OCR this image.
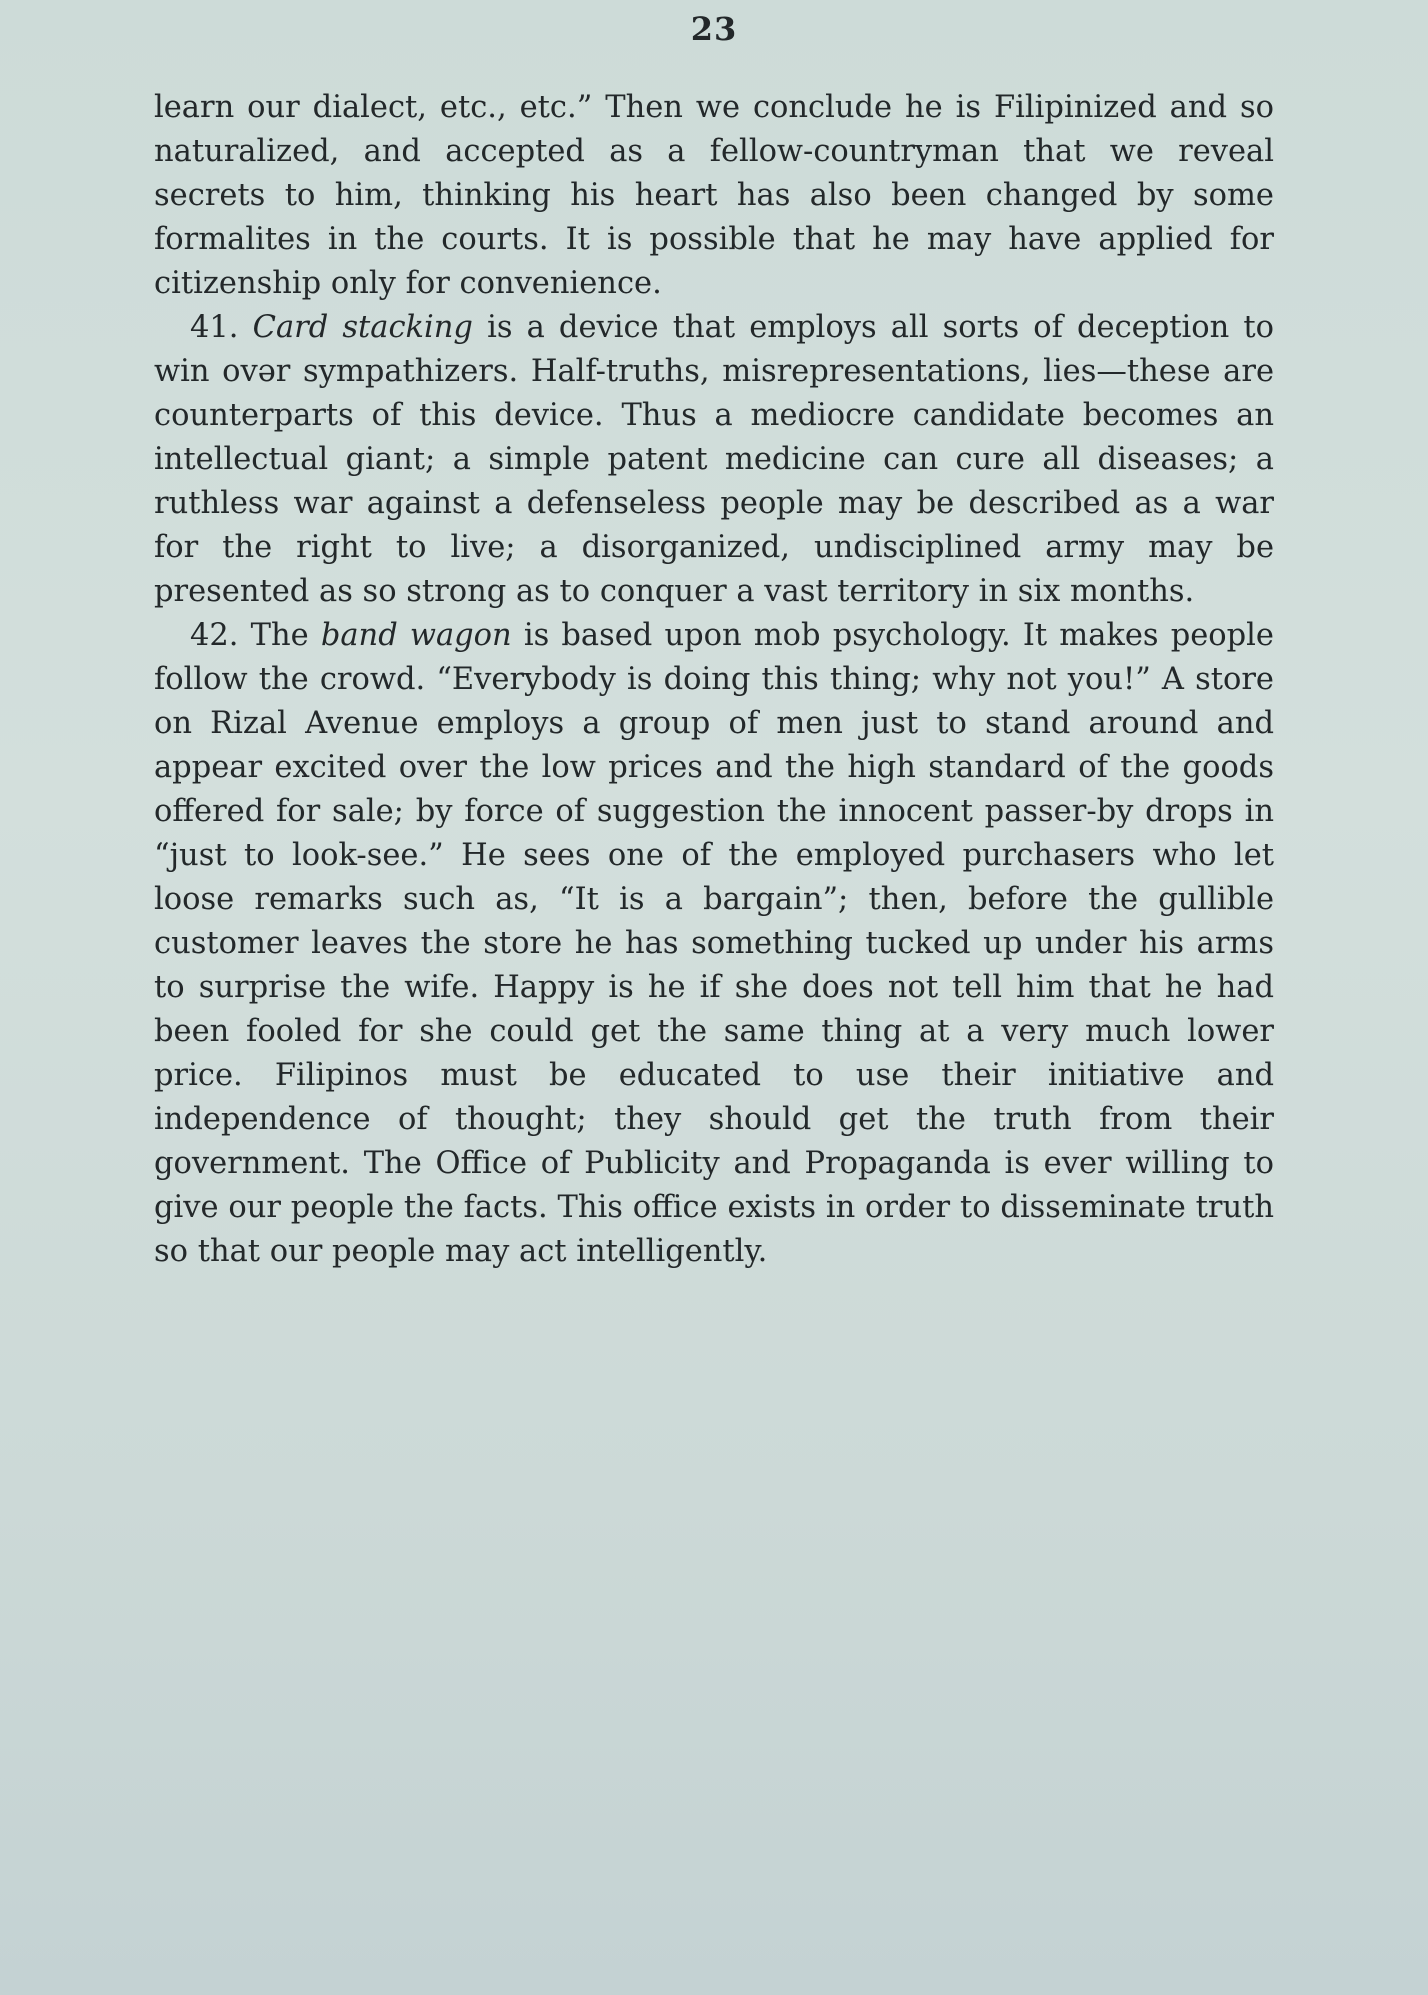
23

learn our dialect, etc., etc.” Then we conclude he is Filipinized and so naturalized, and accepted as a fellow-countryman that we reveal secrets to him, thinking his heart has also been changed by some formalites in the courts. It is possible that he may have applied for citizenship only for convenience.

41. Card stacking is a device that employs all sorts of deception to win ovər sympathizers. Half-truths, misrepresentations, lies—these are counterparts of this device. Thus a mediocre candidate becomes an intellectual giant; a simple patent medicine can cure all diseases; a ruthless war against a defenseless people may be described as a war for the right to live; a disorganized, undisciplined army may be presented as so strong as to conquer a vast territory in six months.

42. The band wagon is based upon mob psychology. It makes people follow the crowd. “Everybody is doing this thing; why not you!” A store on Rizal Avenue employs a group of men just to stand around and appear excited over the low prices and the high standard of the goods offered for sale; by force of suggestion the innocent passer-by drops in “just to look-see.” He sees one of the employed purchasers who let loose remarks such as, “It is a bargain”; then, before the gullible customer leaves the store he has something tucked up under his arms to surprise the wife. Happy is he if she does not tell him that he had been fooled for she could get the same thing at a very much lower price. Filipinos must be educated to use their initiative and independence of thought; they should get the truth from their government. The Office of Publicity and Propaganda is ever willing to give our people the facts. This office exists in order to disseminate truth so that our people may act intelligently.
